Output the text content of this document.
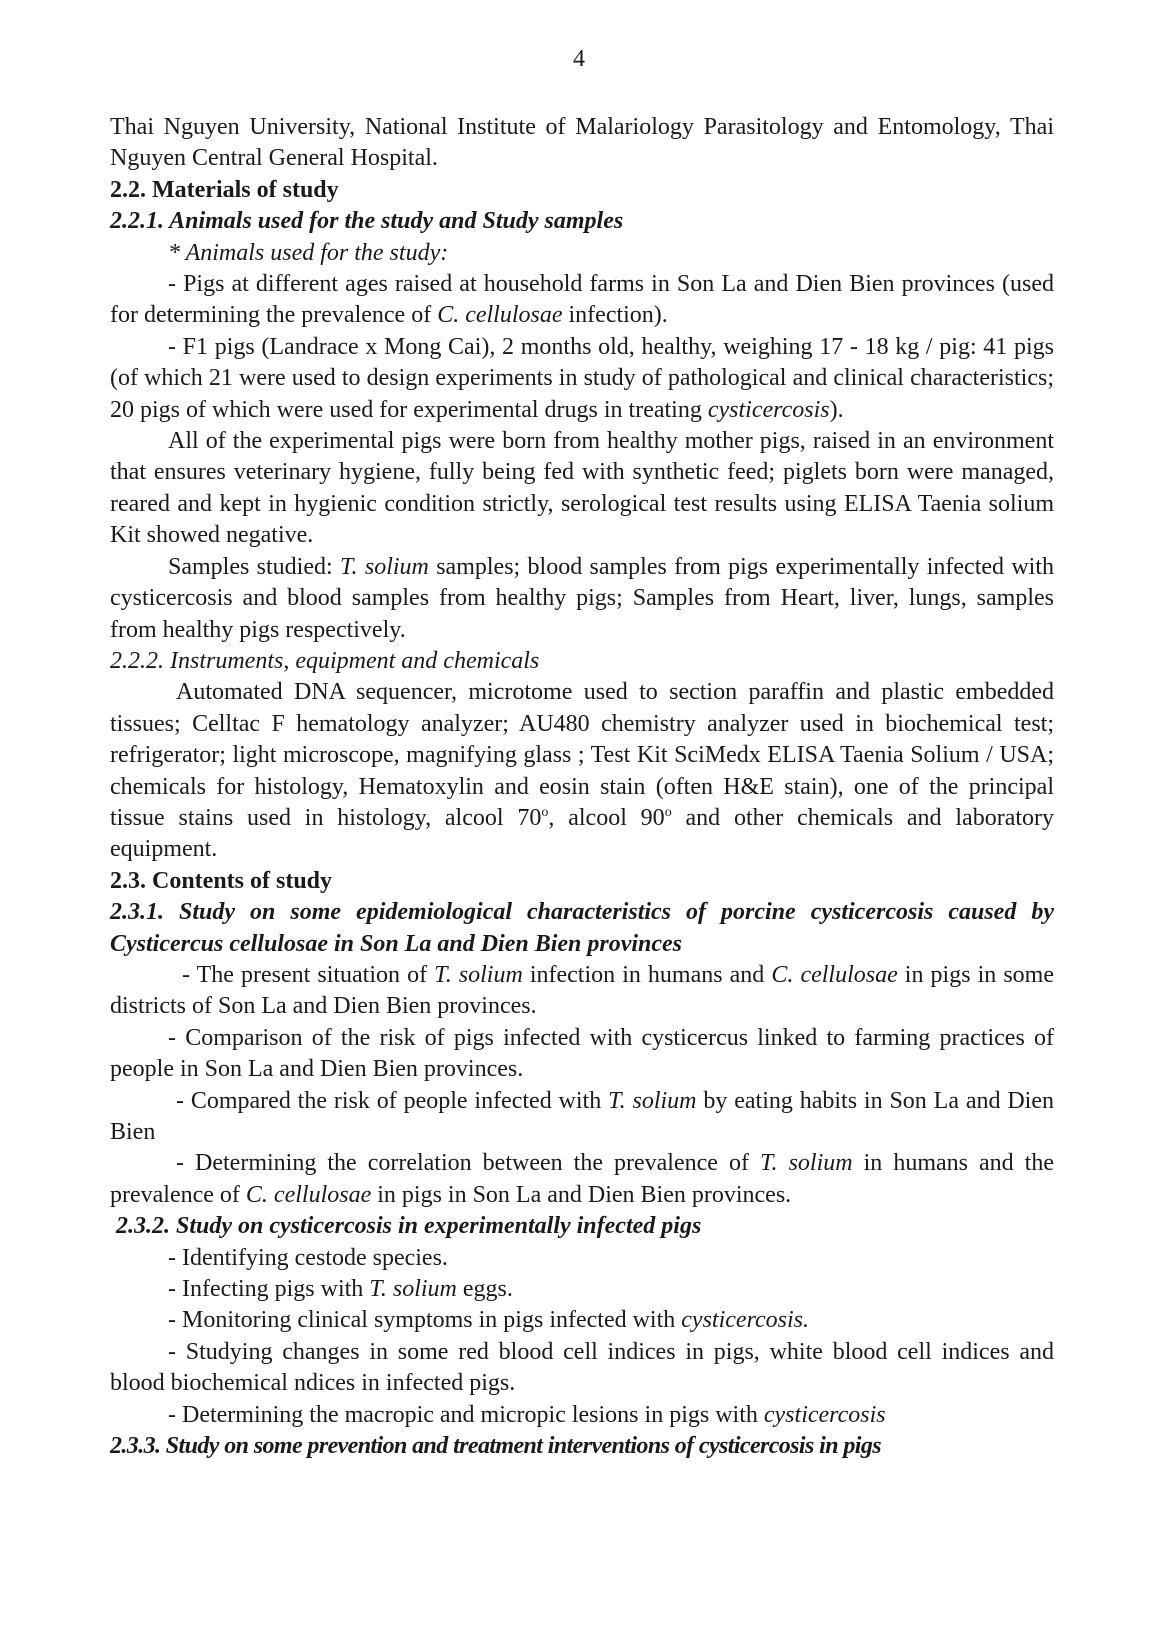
4

Thai Nguyen University, National Institute of Malariology Parasitology and Entomology, Thai Nguyen Central General Hospital.

2.2. Materials of study

2.2.1. Animals used for the study and Study samples

* Animals used for the study:

- Pigs at different ages raised at household farms in Son La and Dien Bien provinces (used for determining the prevalence of C. cellulosae infection).

- F1 pigs (Landrace x Mong Cai), 2 months old, healthy, weighing 17 - 18 kg / pig: 41 pigs (of which 21 were used to design experiments in study of pathological and clinical characteristics; 20 pigs of which were used for experimental drugs in treating cysticercosis).

All of the experimental pigs were born from healthy mother pigs, raised in an environment that ensures veterinary hygiene, fully being fed with synthetic feed; piglets born were managed, reared and kept in hygienic condition strictly, serological test results using ELISA Taenia solium Kit showed negative.

Samples studied: T. solium samples; blood samples from pigs experimentally infected with cysticercosis and blood samples from healthy pigs; Samples from Heart, liver, lungs, samples from healthy pigs respectively.

2.2.2. Instruments, equipment and chemicals

Automated DNA sequencer, microtome used to section paraffin and plastic embedded tissues; Celltac F hematology analyzer; AU480 chemistry analyzer used in biochemical test; refrigerator; light microscope, magnifying glass ; Test Kit SciMedx ELISA Taenia Solium / USA; chemicals for histology, Hematoxylin and eosin stain (often H&E stain), one of the principal tissue stains used in histology, alcool 70$^o$, alcool 90$^o$ and other chemicals and laboratory equipment.

2.3. Contents of study

2.3.1. Study on some epidemiological characteristics of porcine cysticercosis caused by Cysticercus cellulosae in Son La and Dien Bien provinces

- The present situation of T. solium infection in humans and C. cellulosae in pigs in some districts of Son La and Dien Bien provinces.

- Comparison of the risk of pigs infected with cysticercus linked to farming practices of people in Son La and Dien Bien provinces.

- Compared the risk of people infected with T. solium by eating habits in Son La and Dien Bien

- Determining the correlation between the prevalence of T. solium in humans and the prevalence of C. cellulosae in pigs in Son La and Dien Bien provinces.

2.3.2. Study on cysticercosis in experimentally infected pigs

- Identifying cestode species.

- Infecting pigs with T. solium eggs.

- Monitoring clinical symptoms in pigs infected with cysticercosis.

- Studying changes in some red blood cell indices in pigs, white blood cell indices and blood biochemical ndices in infected pigs.

- Determining the macropic and micropic lesions in pigs with cysticercosis

2.3.3. Study on some prevention and treatment interventions of cysticercosis in pigs
